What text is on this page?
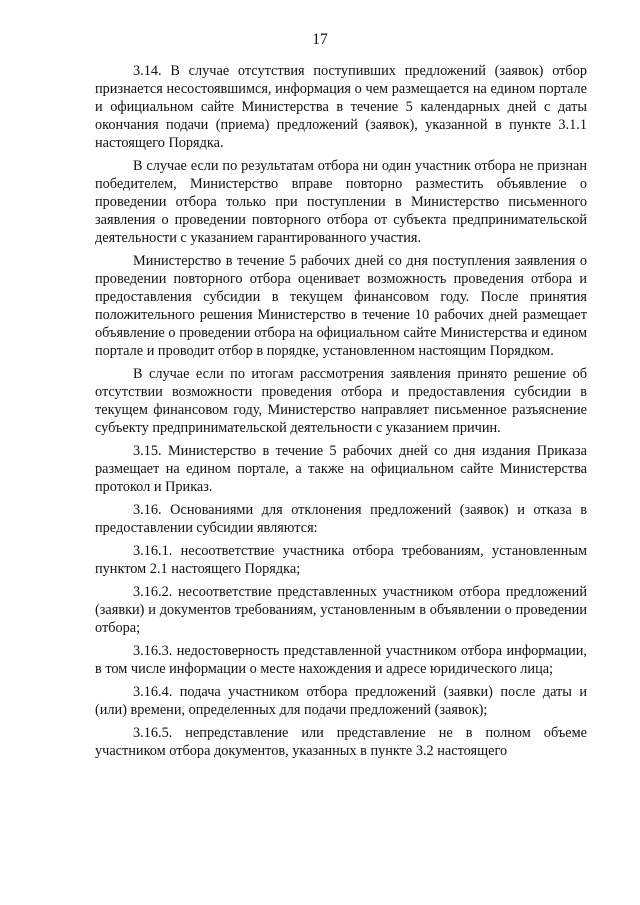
17

3.14. В случае отсутствия поступивших предложений (заявок) отбор признается несостоявшимся, информация о чем размещается на едином портале и официальном сайте Министерства в течение 5 календарных дней с даты окончания подачи (приема) предложений (заявок), указанной в пункте 3.1.1 настоящего Порядка.

В случае если по результатам отбора ни один участник отбора не признан победителем, Министерство вправе повторно разместить объявление о проведении отбора только при поступлении в Министерство письменного заявления о проведении повторного отбора от субъекта предпринимательской деятельности с указанием гарантированного участия.

Министерство в течение 5 рабочих дней со дня поступления заявления о проведении повторного отбора оценивает возможность проведения отбора и предоставления субсидии в текущем финансовом году. После принятия положительного решения Министерство в течение 10 рабочих дней размещает объявление о проведении отбора на официальном сайте Министерства и едином портале и проводит отбор в порядке, установленном настоящим Порядком.

В случае если по итогам рассмотрения заявления принято решение об отсутствии возможности проведения отбора и предоставления субсидии в текущем финансовом году, Министерство направляет письменное разъяснение субъекту предпринимательской деятельности с указанием причин.

3.15. Министерство в течение 5 рабочих дней со дня издания Приказа размещает на едином портале, а также на официальном сайте Министерства протокол и Приказ.

3.16. Основаниями для отклонения предложений (заявок) и отказа в предоставлении субсидии являются:

3.16.1. несоответствие участника отбора требованиям, установленным пунктом 2.1 настоящего Порядка;

3.16.2. несоответствие представленных участником отбора предложений (заявки) и документов требованиям, установленным в объявлении о проведении отбора;

3.16.3. недостоверность представленной участником отбора информации, в том числе информации о месте нахождения и адресе юридического лица;

3.16.4. подача участником отбора предложений (заявки) после даты и (или) времени, определенных для подачи предложений (заявок);

3.16.5. непредставление или представление не в полном объеме участником отбора документов, указанных в пункте 3.2 настоящего
